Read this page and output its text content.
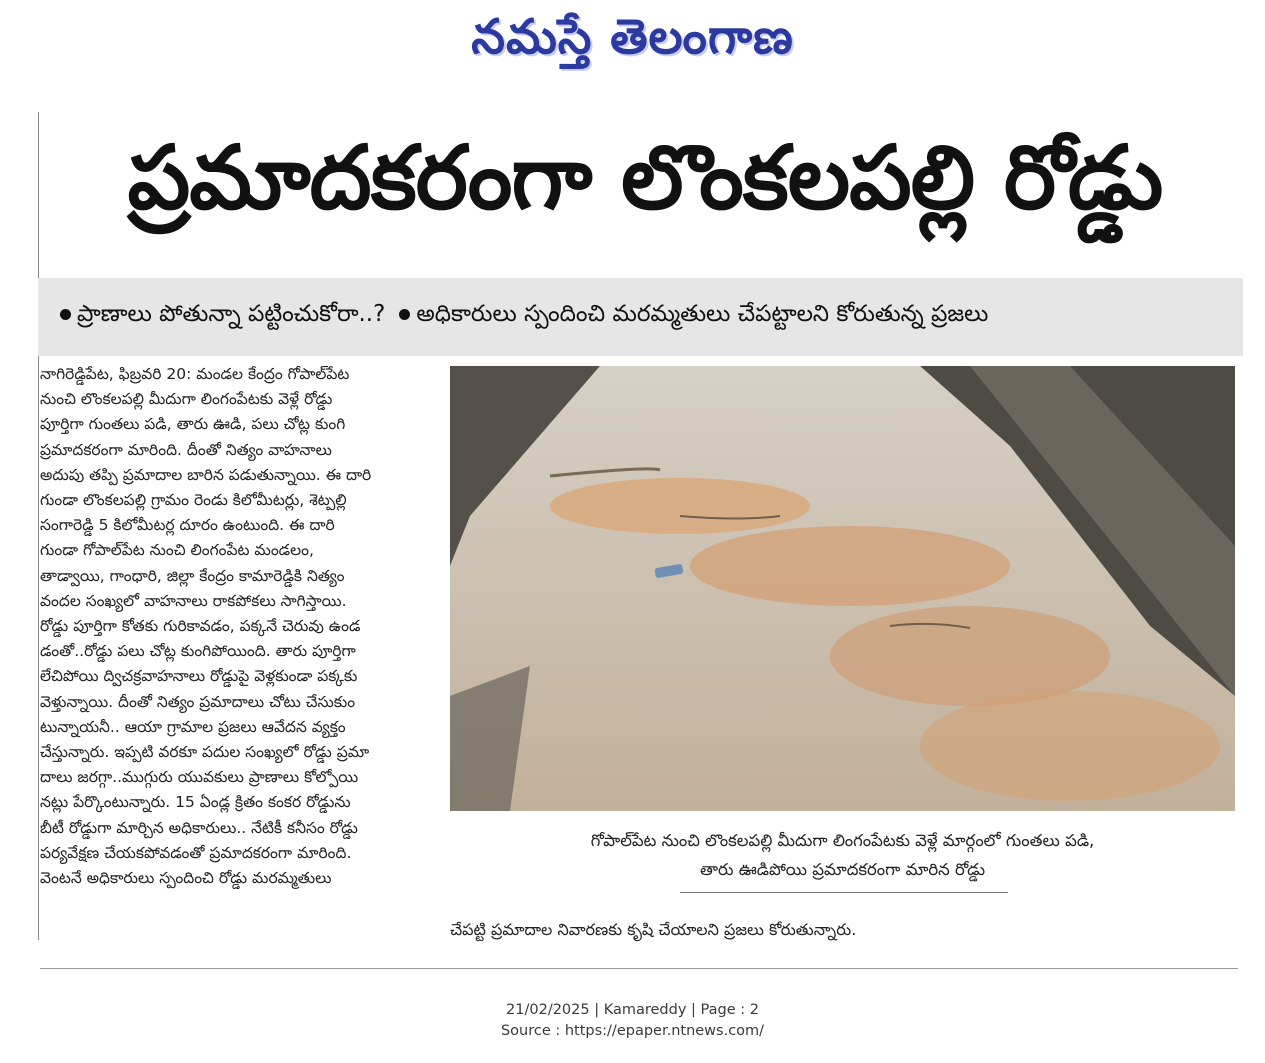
నమస్తే తెలంగాణ
ప్రమాదకరంగా లొంకలపల్లి రోడ్డు
ప్రాణాలు పోతున్నా పట్టించుకోరా..?	అధికారులు స్పందించి మరమ్మతులు చేపట్టాలని కోరుతున్న ప్రజలు

నాగిరెడ్డిపేట, ఫిబ్రవరి 20: మండల కేంద్రం గోపాల్‌పేట

నుంచి లొంకలపల్లి మీదుగా లింగంపేటకు వెళ్లే రోడ్డు

పూర్తిగా గుంతలు పడి, తారు ఊడి, పలు చోట్ల కుంగి

ప్రమాదకరంగా మారింది. దీంతో నిత్యం వాహనాలు

అదుపు తప్పి ప్రమాదాల బారిన పడుతున్నాయి. ఈ దారి

గుండా లొంకలపల్లి గ్రామం రెండు కిలోమీటర్లు, శెట్పల్లి

సంగారెడ్డి 5 కిలోమీటర్ల దూరం ఉంటుంది. ఈ దారి

గుండా గోపాల్‌పేట నుంచి లింగంపేట మండలం,

తాడ్వాయి, గాంధారి, జిల్లా కేంద్రం కామారెడ్డికి నిత్యం

వందల సంఖ్యలో వాహనాలు రాకపోకలు సాగిస్తాయి.

రోడ్డు పూర్తిగా కోతకు గురికావడం, పక్కనే చెరువు ఉండ

డంతో..రోడ్డు పలు చోట్ల కుంగిపోయింది. తారు పూర్తిగా

లేచిపోయి ద్విచక్రవాహనాలు రోడ్డుపై వెళ్లకుండా పక్కకు

వెళ్తున్నాయి. దీంతో నిత్యం ప్రమాదాలు చోటు చేసుకుం

టున్నాయనీ.. ఆయా గ్రామాల ప్రజలు ఆవేదన వ్యక్తం

చేస్తున్నారు. ఇప్పటి వరకూ పదుల సంఖ్యలో రోడ్డు ప్రమా

దాలు జరగ్గా..ముగ్గురు యువకులు ప్రాణాలు కోల్పోయి

నట్లు పేర్కొంటున్నారు. 15 ఏండ్ల క్రితం కంకర రోడ్డును

బీటీ రోడ్డుగా మార్చిన అధికారులు.. నేటికీ కనీసం రోడ్డు

పర్యవేక్షణ చేయకపోవడంతో ప్రమాదకరంగా మారింది.

వెంటనే అధికారులు స్పందించి రోడ్డు మరమ్మతులు

గోపాల్‌పేట నుంచి లొంకలపల్లి మీదుగా లింగంపేటకు వెళ్లే మార్గంలో గుంతలు పడి,
తారు ఊడిపోయి ప్రమాదకరంగా మారిన రోడ్డు
చేపట్టి ప్రమాదాల నివారణకు కృషి చేయాలని ప్రజలు కోరుతున్నారు.
21/02/2025 | Kamareddy | Page : 2
Source : https://epaper.ntnews.com/
